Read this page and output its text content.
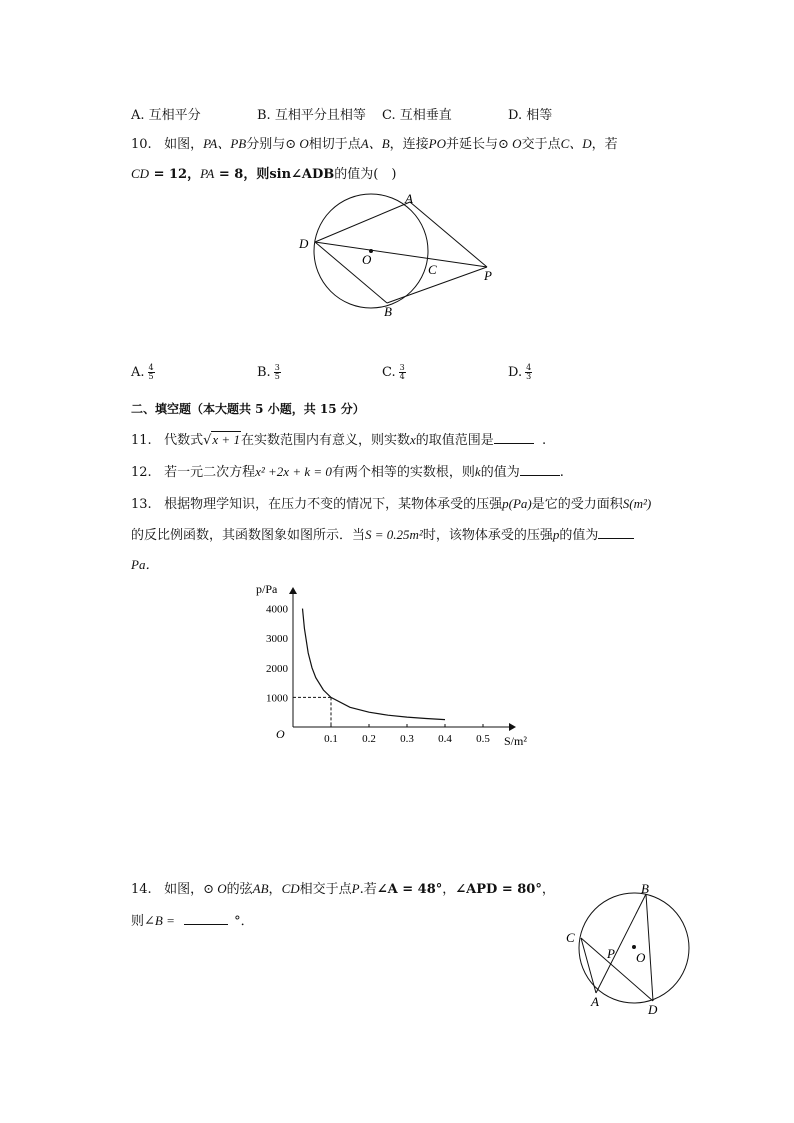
A. 互相平分	B. 互相平分且相等 C. 互相垂直	D. 相等
10. 如图，PA、PB分别与⊙ O相切于点A、B，连接PO并延长与⊙ O交于点C、D，若
CD = 12，PA = 8，则sin∠ADB的值为(　)
A
D
O
C	P
B
A. $\frac{4}{5}$	B. $\frac{3}{5}$	C. $\frac{3}{4}$	D. $\frac{4}{3}$
二、填空题（本大题共 5 小题，共 15 分）
11. 代数式√x + 1在实数范围内有意义，则实数x的取值范围是	.
12. 若一元二次方程x² +2x + k = 0有两个相等的实数根，则k的值为	.
13. 根据物理学知识，在压力不变的情况下，某物体承受的压强p(Pa)是它的受力面积S(m²)
的反比例函数，其函数图象如图所示．当S = 0.25m²时，该物体承受的压强p的值为
Pa．
p/Pa
S/m²
O	0.1 0.2 0.3 0.4 0.5
1000
2000
3000
4000
14. 如图，⊙ O的弦AB，CD相交于点P.若∠A = 48°，∠APD = 80°，
则∠B =	°．
B
C
P O
A
D
